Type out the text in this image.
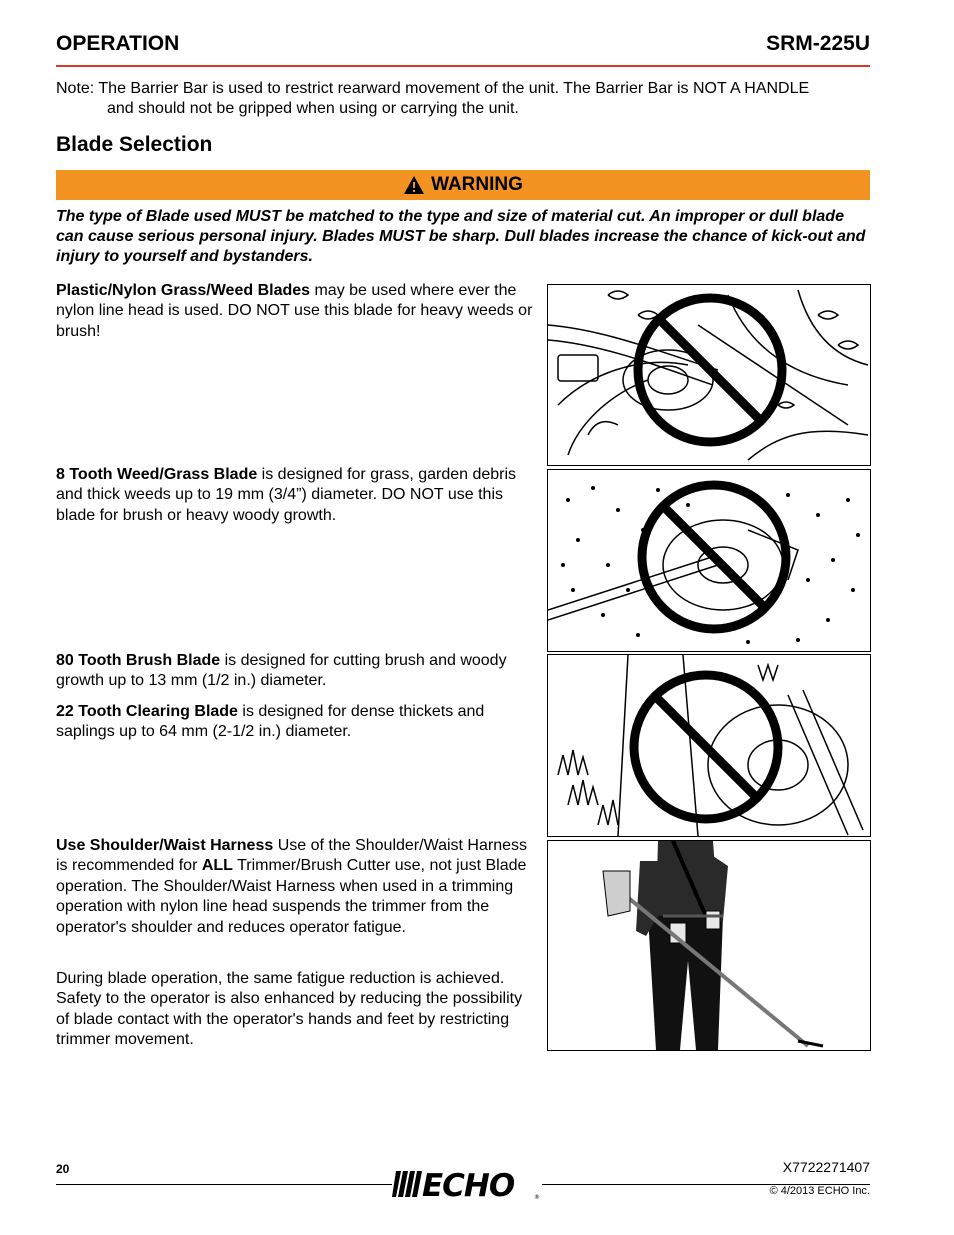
OPERATION	SRM-225U
Note: The Barrier Bar is used to restrict rearward movement of the unit. The Barrier Bar is NOT A HANDLE
and should not be gripped when using or carrying the unit.
Blade Selection
WARNING
The type of Blade used MUST be matched to the type and size of material cut. An improper or dull blade can cause serious personal injury. Blades MUST be sharp. Dull blades increase the chance of kick-out and injury to yourself and bystanders.
Plastic/Nylon Grass/Weed Blades may be used where ever the nylon line head is used. DO NOT use this blade for heavy weeds or brush!
8 Tooth Weed/Grass Blade is designed for grass, garden debris and thick weeds up to 19 mm (3/4”) diameter. DO NOT use this blade for brush or heavy woody growth.
80 Tooth Brush Blade is designed for cutting brush and woody growth up to 13 mm (1/2 in.) diameter.
22 Tooth Clearing Blade is designed for dense thickets and saplings up to 64 mm (2-1/2 in.) diameter.
Use Shoulder/Waist Harness Use of the Shoulder/Waist Harness is recommended for ALL Trimmer/Brush Cutter use, not just Blade operation. The Shoulder/Waist Harness when used in a trimming operation with nylon line head suspends the trimmer from the operator's shoulder and reduces operator fatigue.
During blade operation, the same fatigue reduction is achieved. Safety to the operator is also enhanced by reducing the possibility of blade contact with the operator's hands and feet by restricting trimmer movement.
20	ECHO	®
X7722271407
© 4/2013 ECHO Inc.
